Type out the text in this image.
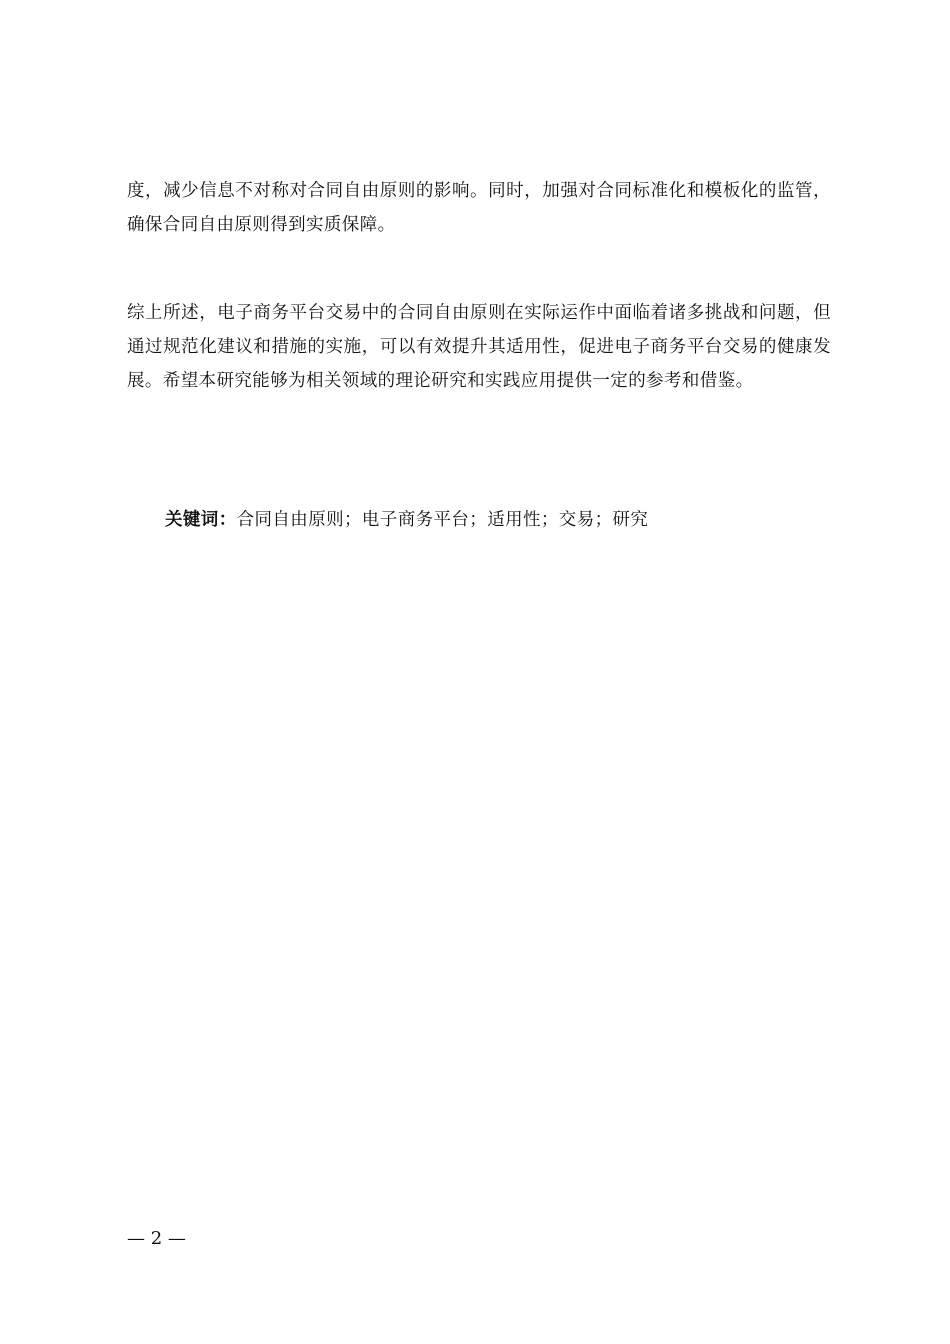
度，减少信息不对称对合同自由原则的影响。同时，加强对合同标准化和模板化的监管，确保合同自由原则得到实质保障。

综上所述，电子商务平台交易中的合同自由原则在实际运作中面临着诸多挑战和问题，但通过规范化建议和措施的实施，可以有效提升其适用性，促进电子商务平台交易的健康发展。希望本研究能够为相关领域的理论研究和实践应用提供一定的参考和借鉴。

关键词：合同自由原则；电子商务平台；适用性；交易；研究
— 2 —
